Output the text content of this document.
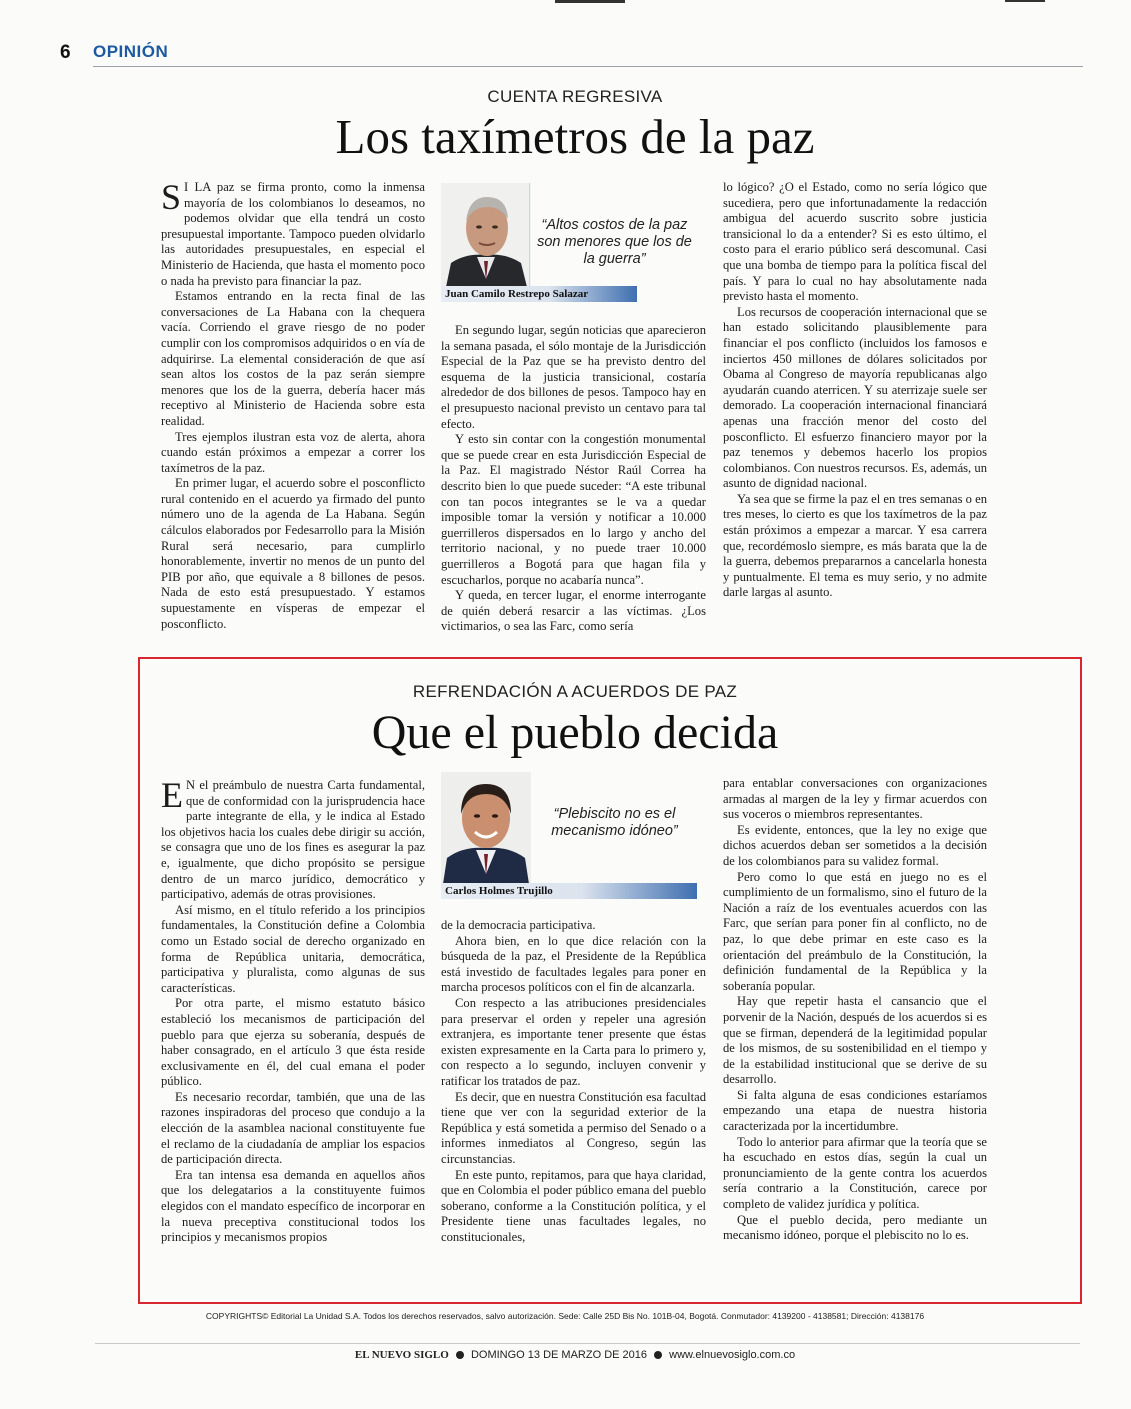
6 OPINIÓN
CUENTA REGRESIVA
Los taxímetros de la paz

S I LA paz se firma pronto, como la inmensa mayoría de los colombianos lo deseamos, no podemos olvidar que ella tendrá un costo presupuestal importante. Tampoco pueden olvidarlo las autoridades presupuestales, en especial el Ministerio de Hacienda, que hasta el momento poco o nada ha previsto para financiar la paz.

Estamos entrando en la recta final de las conversaciones de La Habana con la chequera vacía. Corriendo el grave riesgo de no poder cumplir con los compromisos adquiridos o en vía de adquirirse. La elemental consideración de que así sean altos los costos de la paz serán siempre menores que los de la guerra, debería hacer más receptivo al Ministerio de Hacienda sobre esta realidad.

Tres ejemplos ilustran esta voz de alerta, ahora cuando están próximos a empezar a correr los taxímetros de la paz.

En primer lugar, el acuerdo sobre el posconflicto rural contenido en el acuerdo ya firmado del punto número uno de la agenda de La Habana. Según cálculos elaborados por Fedesarrollo para la Misión Rural será necesario, para cumplirlo honorablemente, invertir no menos de un punto del PIB por año, que equivale a 8 billones de pesos. Nada de esto está presupuestado. Y estamos supuestamente en vísperas de empezar el posconflicto.

“Altos costos de la paz son menores que los de la guerra”
Juan Camilo Restrepo Salazar

En segundo lugar, según noticias que aparecieron la semana pasada, el sólo montaje de la Jurisdicción Especial de la Paz que se ha previsto dentro del esquema de la justicia transicional, costaría alrededor de dos billones de pesos. Tampoco hay en el presupuesto nacional previsto un centavo para tal efecto.

Y esto sin contar con la congestión monumental que se puede crear en esta Jurisdicción Especial de la Paz. El magistrado Néstor Raúl Correa ha descrito bien lo que puede suceder: “A este tribunal con tan pocos integrantes se le va a quedar imposible tomar la versión y notificar a 10.000 guerrilleros dispersados en lo largo y ancho del territorio nacional, y no puede traer 10.000 guerrilleros a Bogotá para que hagan fila y escucharlos, porque no acabaría nunca”.

Y queda, en tercer lugar, el enorme interrogante de quién deberá resarcir a las víctimas. ¿Los victimarios, o sea las Farc, como sería

lo lógico? ¿O el Estado, como no sería lógico que sucediera, pero que infortunadamente la redacción ambigua del acuerdo suscrito sobre justicia transicional lo da a entender? Si es esto último, el costo para el erario público será descomunal. Casi que una bomba de tiempo para la política fiscal del país. Y para lo cual no hay absolutamente nada previsto hasta el momento.

Los recursos de cooperación internacional que se han estado solicitando plausiblemente para financiar el pos conflicto (incluidos los famosos e inciertos 450 millones de dólares solicitados por Obama al Congreso de mayoría republicanas algo ayudarán cuando aterricen. Y su aterrizaje suele ser demorado. La cooperación internacional financiará apenas una fracción menor del costo del posconflicto. El esfuerzo financiero mayor por la paz tenemos y debemos hacerlo los propios colombianos. Con nuestros recursos. Es, además, un asunto de dignidad nacional.

Ya sea que se firme la paz el en tres semanas o en tres meses, lo cierto es que los taxímetros de la paz están próximos a empezar a marcar. Y esa carrera que, recordémoslo siempre, es más barata que la de la guerra, debemos prepararnos a cancelarla honesta y puntualmente. El tema es muy serio, y no admite darle largas al asunto.

REFRENDACIÓN A ACUERDOS DE PAZ
Que el pueblo decida

E N el preámbulo de nuestra Carta fundamental, que de conformidad con la jurisprudencia hace parte integrante de ella, y le indica al Estado los objetivos hacia los cuales debe dirigir su acción, se consagra que uno de los fines es asegurar la paz e, igualmente, que dicho propósito se persigue dentro de un marco jurídico, democrático y participativo, además de otras provisiones.

Así mismo, en el título referido a los principios fundamentales, la Constitución define a Colombia como un Estado social de derecho organizado en forma de República unitaria, democrática, participativa y pluralista, como algunas de sus características.

Por otra parte, el mismo estatuto básico estableció los mecanismos de participación del pueblo para que ejerza su soberanía, después de haber consagrado, en el artículo 3 que ésta reside exclusivamente en él, del cual emana el poder público.

Es necesario recordar, también, que una de las razones inspiradoras del proceso que condujo a la elección de la asamblea nacional constituyente fue el reclamo de la ciudadanía de ampliar los espacios de participación directa.

Era tan intensa esa demanda en aquellos años que los delegatarios a la constituyente fuimos elegidos con el mandato específico de incorporar en la nueva preceptiva constitucional todos los principios y mecanismos propios

“Plebiscito no es el mecanismo idóneo”
Carlos Holmes Trujillo

de la democracia participativa.

Ahora bien, en lo que dice relación con la búsqueda de la paz, el Presidente de la República está investido de facultades legales para poner en marcha procesos políticos con el fin de alcanzarla.

Con respecto a las atribuciones presidenciales para preservar el orden y repeler una agresión extranjera, es importante tener presente que éstas existen expresamente en la Carta para lo primero y, con respecto a lo segundo, incluyen convenir y ratificar los tratados de paz.

Es decir, que en nuestra Constitución esa facultad tiene que ver con la seguridad exterior de la República y está sometida a permiso del Senado o a informes inmediatos al Congreso, según las circunstancias.

En este punto, repitamos, para que haya claridad, que en Colombia el poder público emana del pueblo soberano, conforme a la Constitución política, y el Presidente tiene unas facultades legales, no constitucionales,

para entablar conversaciones con organizaciones armadas al margen de la ley y firmar acuerdos con sus voceros o miembros representantes.

Es evidente, entonces, que la ley no exige que dichos acuerdos deban ser sometidos a la decisión de los colombianos para su validez formal.

Pero como lo que está en juego no es el cumplimiento de un formalismo, sino el futuro de la Nación a raíz de los eventuales acuerdos con las Farc, que serían para poner fin al conflicto, no de paz, lo que debe primar en este caso es la orientación del preámbulo de la Constitución, la definición fundamental de la República y la soberanía popular.

Hay que repetir hasta el cansancio que el porvenir de la Nación, después de los acuerdos si es que se firman, dependerá de la legitimidad popular de los mismos, de su sostenibilidad en el tiempo y de la estabilidad institucional que se derive de su desarrollo.

Si falta alguna de esas condiciones estaríamos empezando una etapa de nuestra historia caracterizada por la incertidumbre.

Todo lo anterior para afirmar que la teoría que se ha escuchado en estos días, según la cual un pronunciamiento de la gente contra los acuerdos sería contrario a la Constitución, carece por completo de validez jurídica y política.

Que el pueblo decida, pero mediante un mecanismo idóneo, porque el plebiscito no lo es.

COPYRIGHTS© Editorial La Unidad S.A. Todos los derechos reservados, salvo autorización. Sede: Calle 25D Bis No. 101B-04, Bogotá. Conmutador: 4139200 - 4138581; Dirección: 4138176
EL NUEVO SIGLO DOMINGO 13 DE MARZO DE 2016 www.elnuevosiglo.com.co
